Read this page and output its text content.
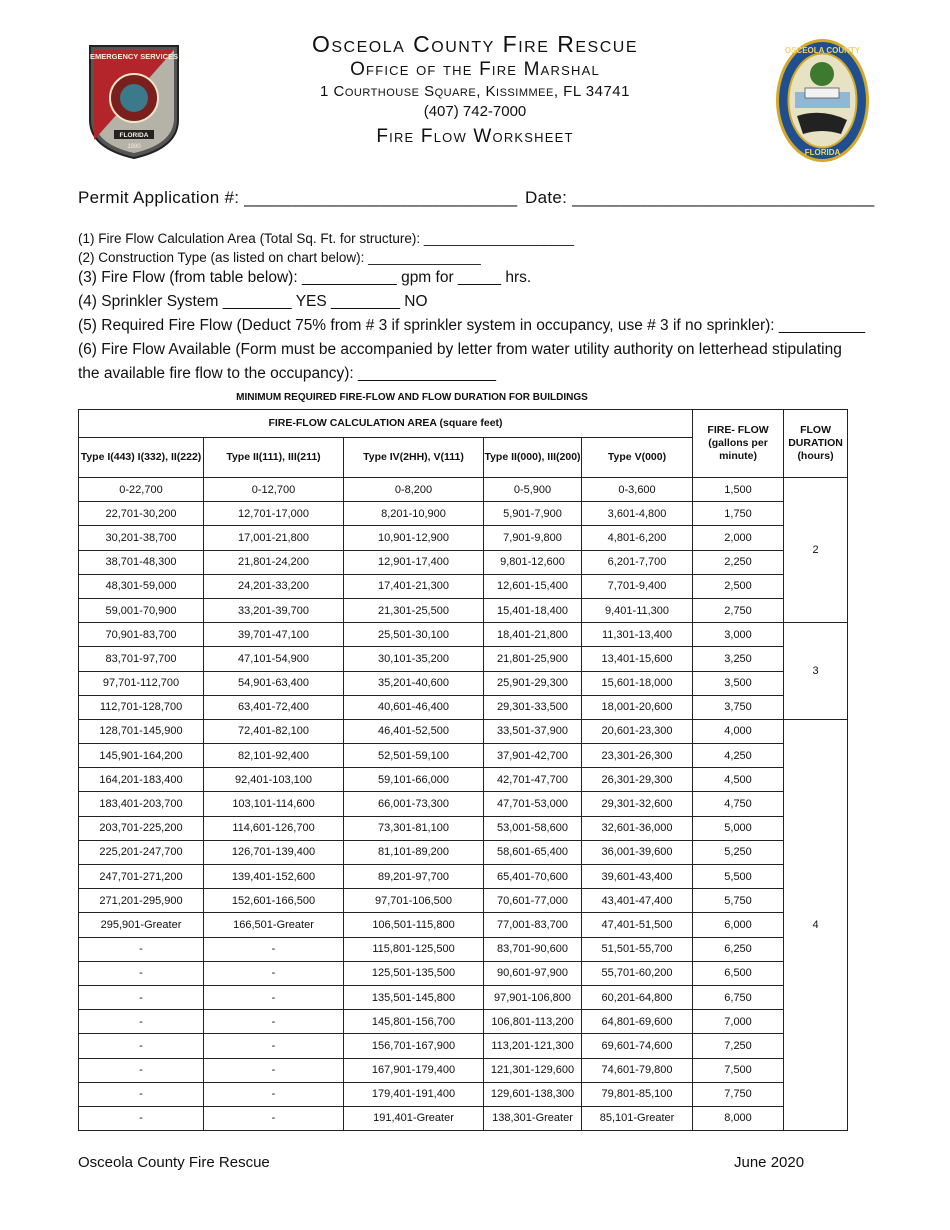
EMERGENCY SERVICES
FLORIDA
1980
OSCEOLA COUNTY
FLORIDA
Osceola County Fire Rescue
Office of the Fire Marshal
1 Courthouse Square, Kissimmee, FL 34741
(407) 742-7000
Fire Flow Worksheet
Permit Application #: ____________________________ Date: _______________________________
(1) Fire Flow Calculation Area (Total Sq. Ft. for structure): ____________________
(2) Construction Type (as listed on chart below): _______________
(3) Fire Flow (from table below): ___________ gpm for _____ hrs.
(4) Sprinkler System ________ YES ________ NO
(5) Required Fire Flow (Deduct 75% from # 3 if sprinkler system in occupancy, use # 3 if no sprinkler): __________
(6) Fire Flow Available (Form must be accompanied by letter from water utility authority on letterhead stipulating
the available fire flow to the occupancy): ________________
MINIMUM REQUIRED FIRE-FLOW AND FLOW DURATION FOR BUILDINGS
FIRE-FLOW CALCULATION AREA (square feet)					FIRE- FLOW (gallons per minute)	FLOW DURATION (hours)
Type I(443) I(332), II(222)	Type II(111), III(211)	Type IV(2HH), V(111)	Type II(000), III(200)	Type V(000)		
0-22,700	0-12,700	0-8,200	0-5,900	0-3,600	1,500	2
22,701-30,200	12,701-17,000	8,201-10,900	5,901-7,900	3,601-4,800	1,750	
30,201-38,700	17,001-21,800	10,901-12,900	7,901-9,800	4,801-6,200	2,000	
38,701-48,300	21,801-24,200	12,901-17,400	9,801-12,600	6,201-7,700	2,250	
48,301-59,000	24,201-33,200	17,401-21,300	12,601-15,400	7,701-9,400	2,500	
59,001-70,900	33,201-39,700	21,301-25,500	15,401-18,400	9,401-11,300	2,750	
70,901-83,700	39,701-47,100	25,501-30,100	18,401-21,800	11,301-13,400	3,000	3
83,701-97,700	47,101-54,900	30,101-35,200	21,801-25,900	13,401-15,600	3,250	
97,701-112,700	54,901-63,400	35,201-40,600	25,901-29,300	15,601-18,000	3,500	
112,701-128,700	63,401-72,400	40,601-46,400	29,301-33,500	18,001-20,600	3,750	
128,701-145,900	72,401-82,100	46,401-52,500	33,501-37,900	20,601-23,300	4,000	4
145,901-164,200	82,101-92,400	52,501-59,100	37,901-42,700	23,301-26,300	4,250	
164,201-183,400	92,401-103,100	59,101-66,000	42,701-47,700	26,301-29,300	4,500	
183,401-203,700	103,101-114,600	66,001-73,300	47,701-53,000	29,301-32,600	4,750	
203,701-225,200	114,601-126,700	73,301-81,100	53,001-58,600	32,601-36,000	5,000	
225,201-247,700	126,701-139,400	81,101-89,200	58,601-65,400	36,001-39,600	5,250	
247,701-271,200	139,401-152,600	89,201-97,700	65,401-70,600	39,601-43,400	5,500	
271,201-295,900	152,601-166,500	97,701-106,500	70,601-77,000	43,401-47,400	5,750	
295,901-Greater	166,501-Greater	106,501-115,800	77,001-83,700	47,401-51,500	6,000	
-	-	115,801-125,500	83,701-90,600	51,501-55,700	6,250	
-	-	125,501-135,500	90,601-97,900	55,701-60,200	6,500	
-	-	135,501-145,800	97,901-106,800	60,201-64,800	6,750	
-	-	145,801-156,700	106,801-113,200	64,801-69,600	7,000	
-	-	156,701-167,900	113,201-121,300	69,601-74,600	7,250	
-	-	167,901-179,400	121,301-129,600	74,601-79,800	7,500	
-	-	179,401-191,400	129,601-138,300	79,801-85,100	7,750	
-	-	191,401-Greater	138,301-Greater	85,101-Greater	8,000	
Osceola County Fire Rescue	June 2020
